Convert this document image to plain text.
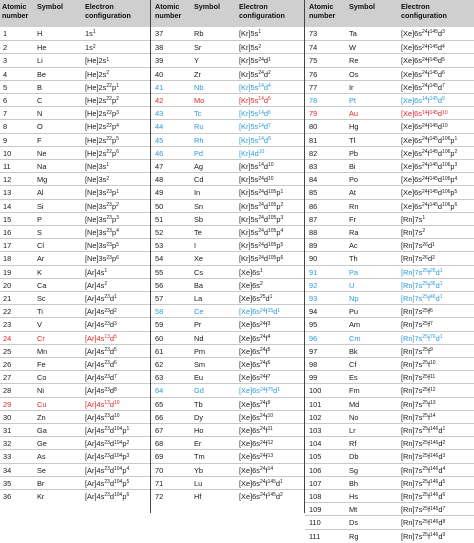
Atomic
number
Symbol	Electron
configuration
1	H	$1s^1$
2	He	$1s^2$
3	Li	$[He]2s^1$
4	Be	$[He]2s^2$
5	B	$[He]2s^{22}p^1$
6	C	$[He]2s^{22}p^2$
7	N	$[He]2s^{22}p^3$
8	O	$[He]2s^{22}p^4$
9	F	$[He]2s^{22}p^5$
10	Ne	$[He]2s^{22}p^6$
11	Na	$[Ne]3s^1$
12	Mg	$[Ne]3s^2$
13	Al	$[Ne]3s^{23}p^1$
14	Si	$[Ne]3s^{23}p^2$
15	P	$[Ne]3s^{23}p^3$
16	S	$[Ne]3s^{23}p^4$
17	Cl	$[Ne]3s^{23}p^5$
18	Ar	$[Ne]3s^{23}p^6$
19	K	$[Ar]4s^1$
20	Ca	$[Ar]4s^2$
21	Sc	$[Ar]4s^{23}d^1$
22	Ti	$[Ar]4s^{23}d^2$
23	V	$[Ar]4s^{23}d^3$
24	Cr	$[Ar]4s^{13}d^5$
25	Mn	$[Ar]4s^{23}d^5$
26	Fe	$[Ar]4s^{23}d^6$
27	Co	$[Ar]4s^{23}d^7$
28	Ni	$[Ar]4s^{23}d^8$
29	Cu	$[Ar]4s^{13}d^{10}$
30	Zn	$[Ar]4s^{23}d^{10}$
31	Ga	$[Ar]4s^{23}d^{104}p^1$
32	Ge	$[Ar]4s^{23}d^{104}p^2$
33	As	$[Ar]4s^{23}d^{104}p^3$
34	Se	$[Ar]4s^{23}d^{104}p^4$
35	Br	$[Ar]4s^{23}d^{104}p^5$
36	Kr	$[Ar]4s^{23}d^{104}p^6$
Atomic
number
Symbol	Electron
configuration
37	Rb	$[Kr]5s^1$
38	Sr	$[Kr]5s^2$
39	Y	$[Kr]5s^{24}d^1$
40	Zr	$[Kr]5s^{24}d^2$
41	Nb	$[Kr]5s^{14}d^4$
42	Mo	$[Kr]5s^{14}d^5$
43	Tc	$[Kr]5s^{14}d^6$
44	Ru	$[Kr]5s^{14}d^7$
45	Rh	$[Kr]5s^{14}d^8$
46	Pd	$[Kr]4d^{10}$
47	Ag	$[Kr]5s^{14}d^{10}$
48	Cd	$[Kr]5s^{24}d^{10}$
49	In	$[Kr]5s^{24}d^{105}p^1$
50	Sn	$[Kr]5s^{24}d^{105}p^2$
51	Sb	$[Kr]5s^{24}d^{105}p^3$
52	Te	$[Kr]5s^{24}d^{105}p^4$
53	I	$[Kr]5s^{24}d^{105}p^5$
54	Xe	$[Kr]5s^{24}d^{105}p^6$
55	Cs	$[Xe]6s^1$
56	Ba	$[Xe]6s^2$
57	La	$[Xe]6s^{25}d^1$
58	Ce	$[Xe]6s^{24}f^{15}d^1$
59	Pr	$[Xe]6s^{24}f^3$
60	Nd	$[Xe]6s^{24}f^4$
61	Pm	$[Xe]6s^{24}f^5$
62	Sm	$[Xe]6s^{24}f^6$
63	Eu	$[Xe]6s^{24}f^7$
64	Gd	$[Xe]6s^{24}f^{75}d^1$
65	Tb	$[Xe]6s^{24}f^9$
66	Dy	$[Xe]6s^{24}f^{10}$
67	Ho	$[Xe]6s^{24}f^{11}$
68	Er	$[Xe]6s^{24}f^{12}$
69	Tm	$[Xe]6s^{24}f^{13}$
70	Yb	$[Xe]6s^{24}f^{14}$
71	Lu	$[Xe]6s^{24}f^{145}d^1$
72	Hf	$[Xe]6s^{24}f^{145}d^2$
Atomic
number
Symbol	Electron
configuration
73	Ta	$[Xe]6s^{24}f^{145}d^3$
74	W	$[Xe]6s^{24}f^{145}d^4$
75	Re	$[Xe]6s^{24}f^{145}d^5$
76	Os	$[Xe]6s^{24}f^{145}d^6$
77	Ir	$[Xe]6s^{24}f^{145}d^7$
78	Pt	$[Xe]6s^{14}f^{145}d^9$
79	Au	$[Xe]6s^{14}f^{145}d^{10}$
80	Hg	$[Xe]6s^{24}f^{145}d^{10}$
81	Tl	$[Xe]6s^{24}f^{145}d^{106}p^1$
82	Pb	$[Xe]6s^{24}f^{145}d^{106}p^2$
83	Bi	$[Xe]6s^{24}f^{145}d^{106}p^3$
84	Po	$[Xe]6s^{24}f^{145}d^{106}p^4$
85	At	$[Xe]6s^{24}f^{145}d^{106}p^5$
86	Rn	$[Xe]6s^{24}f^{145}d^{106}p^6$
87	Fr	$[Rn]7s^1$
88	Ra	$[Rn]7s^2$
89	Ac	$[Rn]7s^{26}d^1$
90	Th	$[Rn]7s^{26}d^2$
91	Pa	$[Rn]7s^{25}f^{26}d^1$
92	U	$[Rn]7s^{25}f^{36}d^1$
93	Np	$[Rn]7s^{25}f^{46}d^1$
94	Pu	$[Rn]7s^{25}f^6$
95	Am	$[Rn]7s^{25}f^7$
96	Cm	$[Rn]7s^{25}f^{76}d^1$
97	Bk	$[Rn]7s^{25}f^9$
98	Cf	$[Rn]7s^{25}f^{10}$
99	Es	$[Rn]7s^{25}f^{11}$
100	Fm	$[Rn]7s^{25}f^{12}$
101	Md	$[Rn]7s^{25}f^{13}$
102	No	$[Rn]7s^{25}f^{14}$
103	Lr	$[Rn]7s^{25}f^{146}d^1$
104	Rf	$[Rn]7s^{25}f^{146}d^2$
105	Db	$[Rn]7s^{25}f^{146}d^3$
106	Sg	$[Rn]7s^{25}f^{146}d^4$
107	Bh	$[Rn]7s^{25}f^{146}d^5$
108	Hs	$[Rn]7s^{25}f^{146}d^6$
109	Mt	$[Rn]7s^{25}f^{146}d^7$
110	Ds	$[Rn]7s^{25}f^{146}d^8$
111	Rg	$[Rn]7s^{25}f^{146}d^9$
